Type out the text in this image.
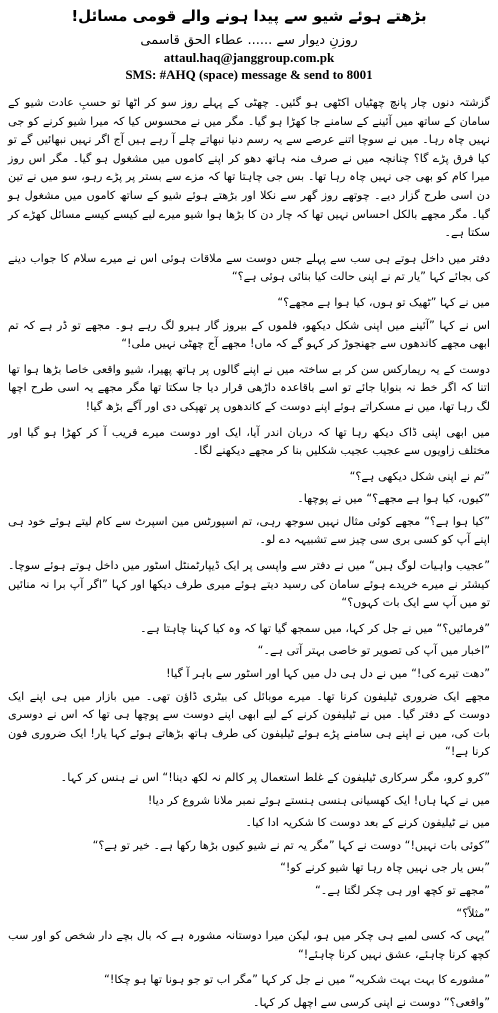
بڑھتے ہوئے شیو سے پیدا ہونے والے قومی مسائل!
روزنِ دیوار سے ...... عطاء الحق قاسمی
attaul.haq@janggroup.com.pk
SMS: #AHQ (space) message & send to 8001

گزشتہ دنوں چار پانچ چھٹیاں اکٹھی ہو گئیں۔ چھٹی کے پہلے روز سو کر اٹھا تو حسبِ عادت شیو کے سامان کے ساتھ میں آئینے کے سامنے جا کھڑا ہو گیا۔ مگر میں نے محسوس کیا کہ میرا شیو کرنے کو جی نہیں چاہ رہا۔ میں نے سوچا اتنے عرصے سے یہ رسم دنیا نبھاتے چلے آ رہے ہیں آج اگر نہیں نبھائیں گے تو کیا فرق پڑے گا؟ چنانچہ میں نے صرف منہ ہاتھ دھو کر اپنے کاموں میں مشغول ہو گیا۔ مگر اس روز میرا کام کو بھی جی نہیں چاہ رہا تھا۔ بس جی چاہتا تھا کہ مزے سے بستر پر پڑے رہو، سو میں نے تین دن اسی طرح گزار دیے۔ چوتھے روز گھر سے نکلا اور بڑھتے ہوئے شیو کے ساتھ کاموں میں مشغول ہو گیا۔ مگر مجھے بالکل احساس نہیں تھا کہ چار دن کا بڑھا ہوا شیو میرے لیے کیسے کیسے مسائل کھڑے کر سکتا ہے۔

دفتر میں داخل ہوتے ہی سب سے پہلے جس دوست سے ملاقات ہوئی اس نے میرے سلام کا جواب دینے کی بجائے کہا ”یار تم نے اپنی حالت کیا بنائی ہوئی ہے؟“

میں نے کہا ”ٹھیک تو ہوں، کیا ہوا ہے مجھے؟“

اس نے کہا ”آئینے میں اپنی شکل دیکھو، فلموں کے بیروز گار ہیرو لگ رہے ہو۔ مجھے تو ڈر ہے کہ تم ابھی مجھے کاندھوں سے جھنجوڑ کر کہو گے کہ ماں! مجھے آج چھٹی نہیں ملی!“

دوست کے یہ ریمارکس سن کر بے ساختہ میں نے اپنے گالوں پر ہاتھ پھیرا، شیو واقعی خاصا بڑھا ہوا تھا اتنا کہ اگر خط نہ بنوایا جائے تو اسے باقاعدہ داڑھی قرار دیا جا سکتا تھا مگر مجھے یہ اسی طرح اچھا لگ رہا تھا، میں نے مسکراتے ہوئے اپنے دوست کے کاندھوں پر تھپکی دی اور آگے بڑھ گیا!

میں ابھی اپنی ڈاک دیکھ رہا تھا کہ دربان اندر آیا، ایک اور دوست میرے قریب آ کر کھڑا ہو گیا اور مختلف زاویوں سے عجیب عجیب شکلیں بنا کر مجھے دیکھنے لگا۔

”تم نے اپنی شکل دیکھی ہے؟“

”کیوں، کیا ہوا ہے مجھے؟“ میں نے پوچھا۔

”کیا ہوا ہے؟“ مجھے کوئی مثال نہیں سوجھ رہی، تم اسپورٹس مین اسپرٹ سے کام لیتے ہوئے خود ہی اپنے آپ کو کسی بری سی چیز سے تشبیہہ دے لو۔

”عجیب واہیات لوگ ہیں“ میں نے دفتر سے واپسی پر ایک ڈیپارٹمنٹل اسٹور میں داخل ہوتے ہوئے سوچا۔ کیشئر نے میرے خریدے ہوئے سامان کی رسید دیتے ہوئے میری طرف دیکھا اور کہا ”اگر آپ برا نہ منائیں تو میں آپ سے ایک بات کہوں؟“

”فرمائیں؟“ میں نے جل کر کہا، میں سمجھ گیا تھا کہ وہ کیا کہنا چاہتا ہے۔

”اخبار میں آپ کی تصویر تو خاصی بہتر آتی ہے۔“

”دھت تیرے کی!“ میں نے دل ہی دل میں کہا اور اسٹور سے باہر آ گیا!

مجھے ایک ضروری ٹیلیفون کرنا تھا۔ میرے موبائل کی بیٹری ڈاؤن تھی۔ میں بازار میں ہی اپنے ایک دوست کے دفتر گیا۔ میں نے ٹیلیفون کرنے کے لیے ابھی اپنے دوست سے پوچھا ہی تھا کہ اس نے دوسری بات کی، میں نے اپنے ہی سامنے پڑے ہوئے ٹیلیفون کی طرف ہاتھ بڑھاتے ہوئے کہا یار! ایک ضروری فون کرنا ہے!“

”کرو کرو، مگر سرکاری ٹیلیفون کے غلط استعمال پر کالم نہ لکھ دینا!“ اس نے ہنس کر کہا۔

میں نے کہا ہاں! ایک کھسیانی ہنسی ہنستے ہوئے نمبر ملانا شروع کر دیا!

میں نے ٹیلیفون کرنے کے بعد دوست کا شکریہ ادا کیا۔

”کوئی بات نہیں!“ دوست نے کہا ”مگر یہ تم نے شیو کیوں بڑھا رکھا ہے۔ خیر تو ہے؟“

”بس یار جی نہیں چاہ رہا تھا شیو کرنے کو!“

”مجھے تو کچھ اور ہی چکر لگتا ہے۔“

”مثلاً؟“

”یہی کہ کسی لمبے ہی چکر میں ہو، لیکن میرا دوستانہ مشورہ ہے کہ بال بچے دار شخص کو اور سب کچھ کرنا چاہئے، عشق نہیں کرنا چاہئے!“

”مشورے کا بہت بہت شکریہ“ میں نے جل کر کہا ”مگر اب تو جو ہونا تھا ہو چکا!“

”واقعی؟“ دوست نے اپنی کرسی سے اچھل کر کہا۔
